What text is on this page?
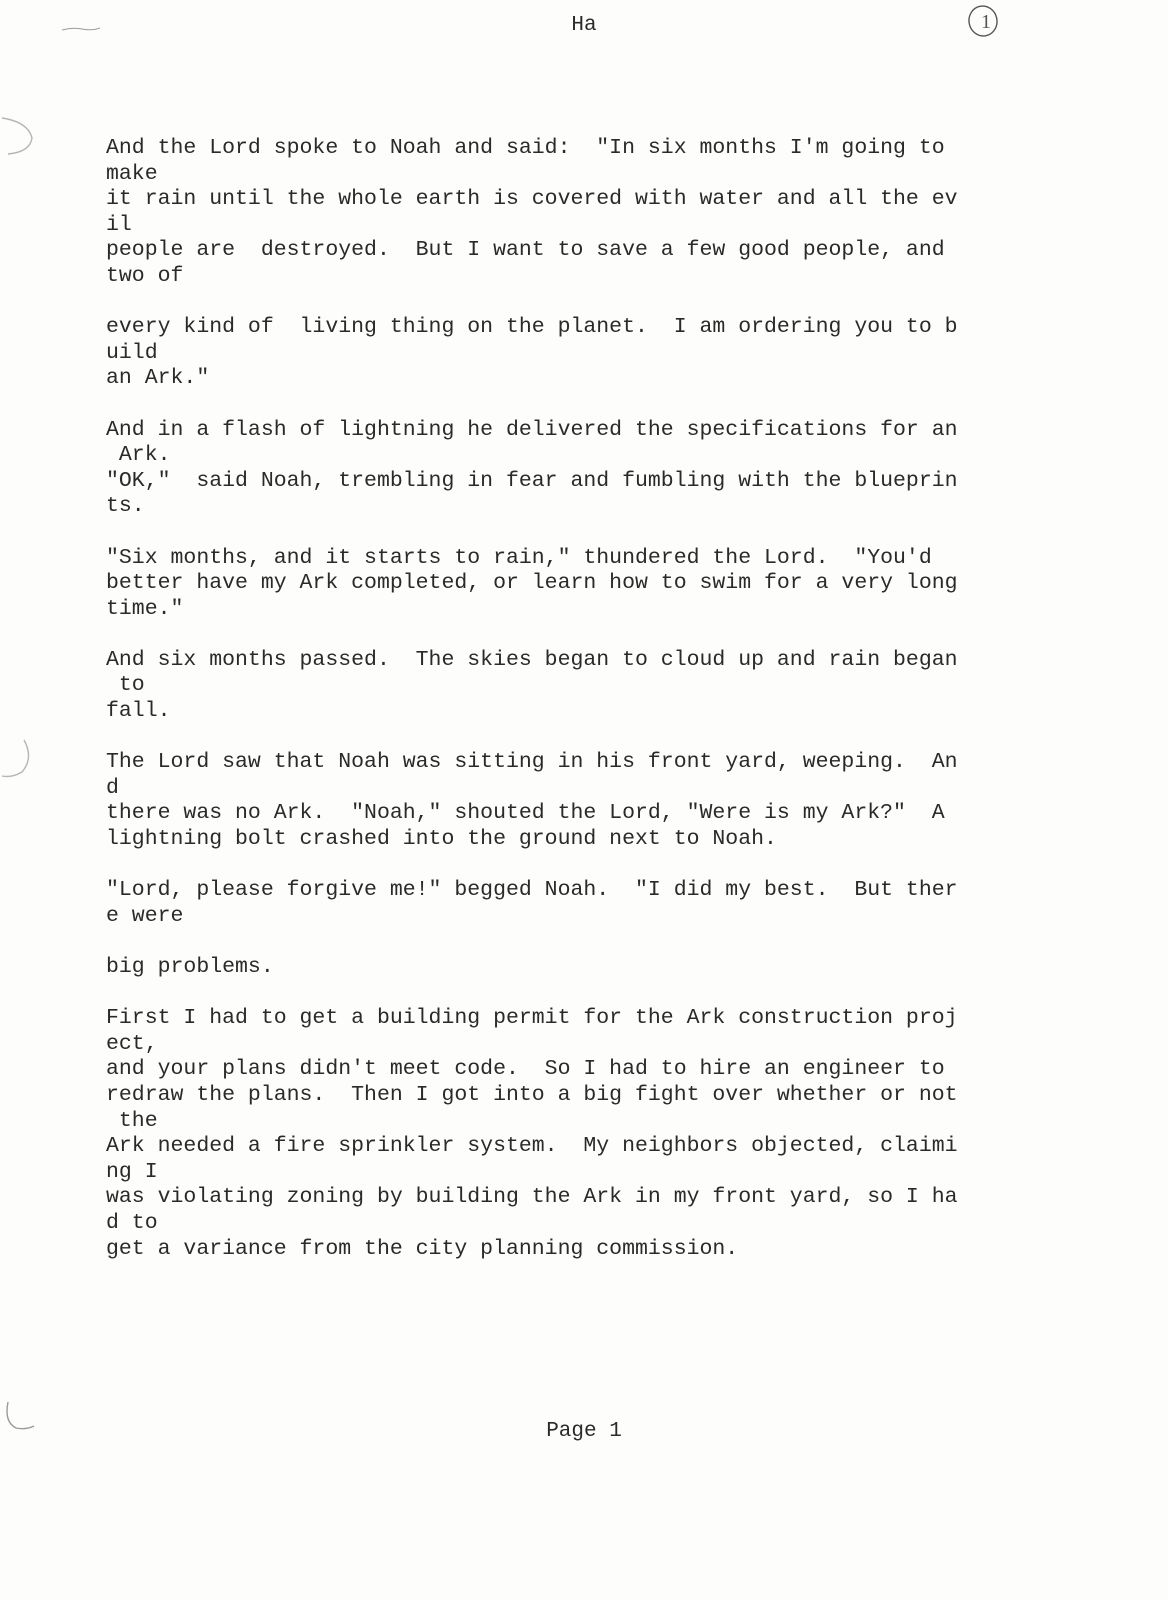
Ha	1
And the Lord spoke to Noah and said:  "In six months I'm going to
make
it rain until the whole earth is covered with water and all the ev
il
people are  destroyed.  But I want to save a few good people, and
two of
every kind of  living thing on the planet.  I am ordering you to b
uild
an Ark."
And in a flash of lightning he delivered the specifications for an
Ark.
"OK,"  said Noah, trembling in fear and fumbling with the blueprin
ts.
"Six months, and it starts to rain," thundered the Lord.  "You'd
better have my Ark completed, or learn how to swim for a very long
time."
And six months passed.  The skies began to cloud up and rain began
to
fall.
The Lord saw that Noah was sitting in his front yard, weeping.  An
d
there was no Ark.  "Noah," shouted the Lord, "Were is my Ark?"  A
lightning bolt crashed into the ground next to Noah.
"Lord, please forgive me!" begged Noah.  "I did my best.  But ther
e were
big problems.
First I had to get a building permit for the Ark construction proj
ect,
and your plans didn't meet code.  So I had to hire an engineer to
redraw the plans.  Then I got into a big fight over whether or not
the
Ark needed a fire sprinkler system.  My neighbors objected, claimi
ng I
was violating zoning by building the Ark in my front yard, so I ha
d to
get a variance from the city planning commission.
Page 1
